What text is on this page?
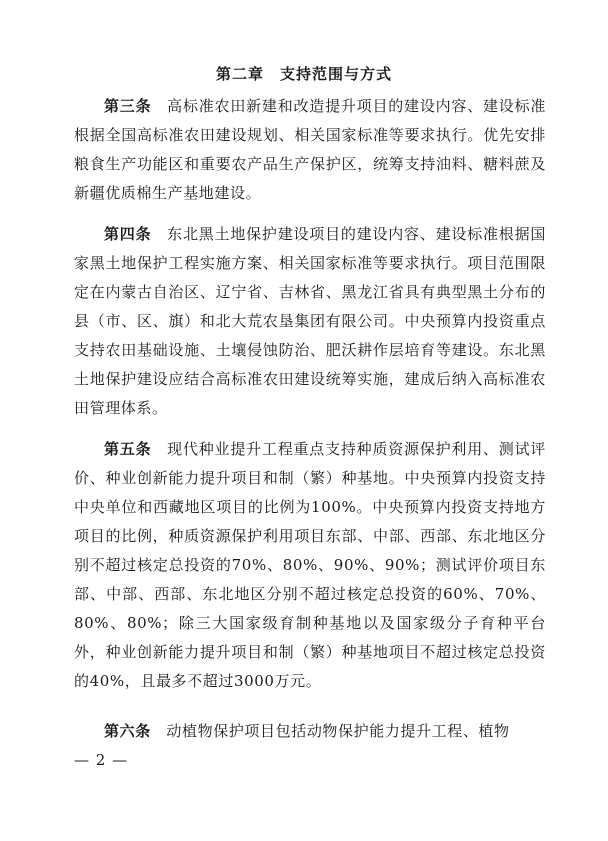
第二章　支持范围与方式

第三条　 高标准农田新建和改造提升项目的建设内容、建设标准根据全国高标准农田建设规划、相关国家标准等要求执行。优先安排粮食生产功能区和重要农产品生产保护区，统筹支持油料、糖料蔗及新疆优质棉生产基地建设。

第四条　 东北黑土地保护建设项目的建设内容、建设标准根据国家黑土地保护工程实施方案、相关国家标准等要求执行。项目范围限定在内蒙古自治区、辽宁省、吉林省、黑龙江省具有典型黑土分布的县（市、区、旗）和北大荒农垦集团有限公司。中央预算内投资重点支持农田基础设施、土壤侵蚀防治、肥沃耕作层培育等建设。东北黑土地保护建设应结合高标准农田建设统筹实施，建成后纳入高标准农田管理体系。

第五条　 现代种业提升工程重点支持种质资源保护利用、测试评价、种业创新能力提升项目和制（繁）种基地。中央预算内投资支持中央单位和西藏地区项目的比例为100%。中央预算内投资支持地方项目的比例，种质资源保护利用项目东部、中部、西部、东北地区分别不超过核定总投资的70%、80%、90%、90%；测试评价项目东部、中部、西部、东北地区分别不超过核定总投资的60%、70%、80%、80%；除三大国家级育制种基地以及国家级分子育种平台外，种业创新能力提升项目和制（繁）种基地项目不超过核定总投资的40%，且最多不超过3000万元。

第六条　 动植物保护项目包括动物保护能力提升工程、植物

— 2 —
